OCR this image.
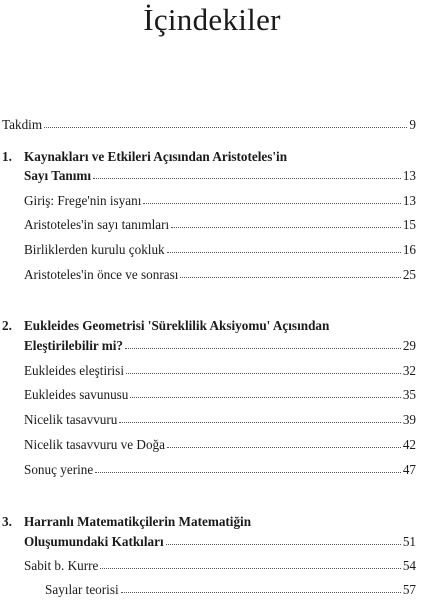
İçindekiler
Takdim	9
1. Kaynakları ve Etkileri Açısından Aristoteles'in
Sayı Tanımı	13
Giriş: Frege'nin isyanı	13
Aristoteles'in sayı tanımları	15
Birliklerden kurulu çokluk	16
Aristoteles'in önce ve sonrası	25
2. Eukleides Geometrisi 'Süreklilik Aksiyomu' Açısından
Eleştirilebilir mi?	29
Eukleides eleştirisi	32
Eukleides savunusu	35
Nicelik tasavvuru	39
Nicelik tasavvuru ve Doğa	42
Sonuç yerine	47
3. Harranlı Matematikçilerin Matematiğin
Oluşumundaki Katkıları	51
Sabit b. Kurre	54
Sayılar teorisi	57
